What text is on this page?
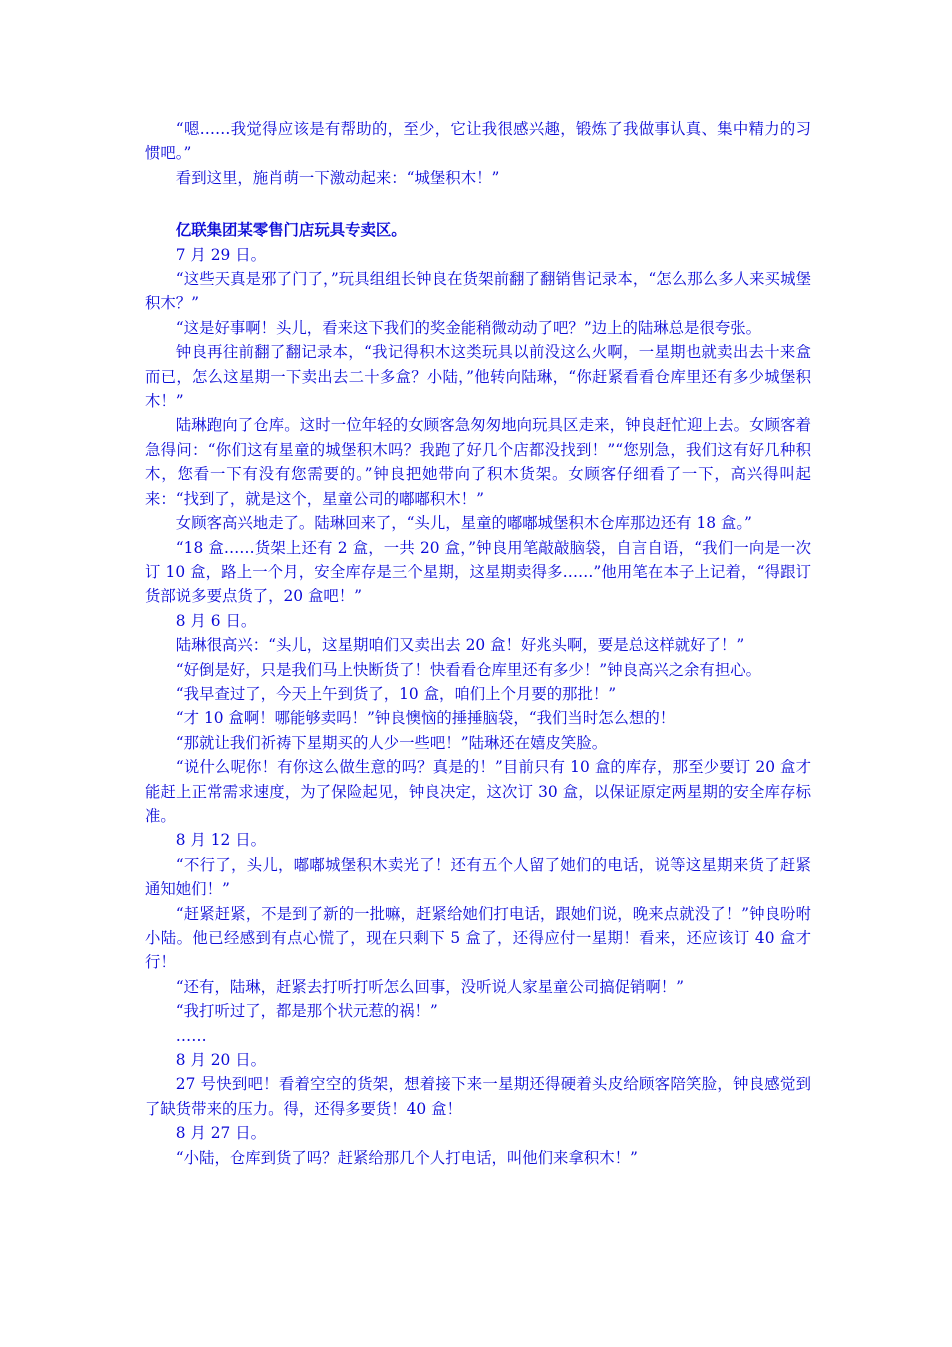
“嗯……我觉得应该是有帮助的，至少，它让我很感兴趣，锻炼了我做事认真、集中精力的习惯吧。”

看到这里，施肖萌一下激动起来：“城堡积木！”

亿联集团某零售门店玩具专卖区。

7 月 29 日。

“这些天真是邪了门了，”玩具组组长钟良在货架前翻了翻销售记录本，“怎么那么多人来买城堡积木？”

“这是好事啊！头儿，看来这下我们的奖金能稍微动动了吧？”边上的陆琳总是很夸张。

钟良再往前翻了翻记录本，“我记得积木这类玩具以前没这么火啊，一星期也就卖出去十来盒而已，怎么这星期一下卖出去二十多盒？小陆，”他转向陆琳，“你赶紧看看仓库里还有多少城堡积木！”

陆琳跑向了仓库。这时一位年轻的女顾客急匆匆地向玩具区走来，钟良赶忙迎上去。女顾客着急得问：“你们这有星童的城堡积木吗？我跑了好几个店都没找到！”“您别急，我们这有好几种积木，您看一下有没有您需要的。”钟良把她带向了积木货架。女顾客仔细看了一下，高兴得叫起来：“找到了，就是这个，星童公司的嘟嘟积木！”

女顾客高兴地走了。陆琳回来了，“头儿，星童的嘟嘟城堡积木仓库那边还有 18 盒。”

“18 盒……货架上还有 2 盒，一共 20 盒，”钟良用笔敲敲脑袋，自言自语，“我们一向是一次订 10 盒，路上一个月，安全库存是三个星期，这星期卖得多……”他用笔在本子上记着，“得跟订货部说多要点货了，20 盒吧！”

8 月 6 日。

陆琳很高兴：“头儿，这星期咱们又卖出去 20 盒！好兆头啊，要是总这样就好了！”

“好倒是好，只是我们马上快断货了！快看看仓库里还有多少！”钟良高兴之余有担心。

“我早查过了，今天上午到货了，10 盒，咱们上个月要的那批！”

“才 10 盒啊！哪能够卖吗！”钟良懊恼的捶捶脑袋，“我们当时怎么想的！

“那就让我们祈祷下星期买的人少一些吧！”陆琳还在嬉皮笑脸。

“说什么呢你！有你这么做生意的吗？真是的！”目前只有 10 盒的库存，那至少要订 20 盒才能赶上正常需求速度，为了保险起见，钟良决定，这次订 30 盒，以保证原定两星期的安全库存标准。

8 月 12 日。

“不行了，头儿，嘟嘟城堡积木卖光了！还有五个人留了她们的电话，说等这星期来货了赶紧通知她们！”

“赶紧赶紧，不是到了新的一批嘛，赶紧给她们打电话，跟她们说，晚来点就没了！”钟良吩咐小陆。他已经感到有点心慌了，现在只剩下 5 盒了，还得应付一星期！看来，还应该订 40 盒才行！

“还有，陆琳，赶紧去打听打听怎么回事，没听说人家星童公司搞促销啊！”

“我打听过了，都是那个状元惹的祸！”

……

8 月 20 日。

27 号快到吧！看着空空的货架，想着接下来一星期还得硬着头皮给顾客陪笑脸，钟良感觉到了缺货带来的压力。得，还得多要货！40 盒！

8 月 27 日。

“小陆，仓库到货了吗？赶紧给那几个人打电话，叫他们来拿积木！”
